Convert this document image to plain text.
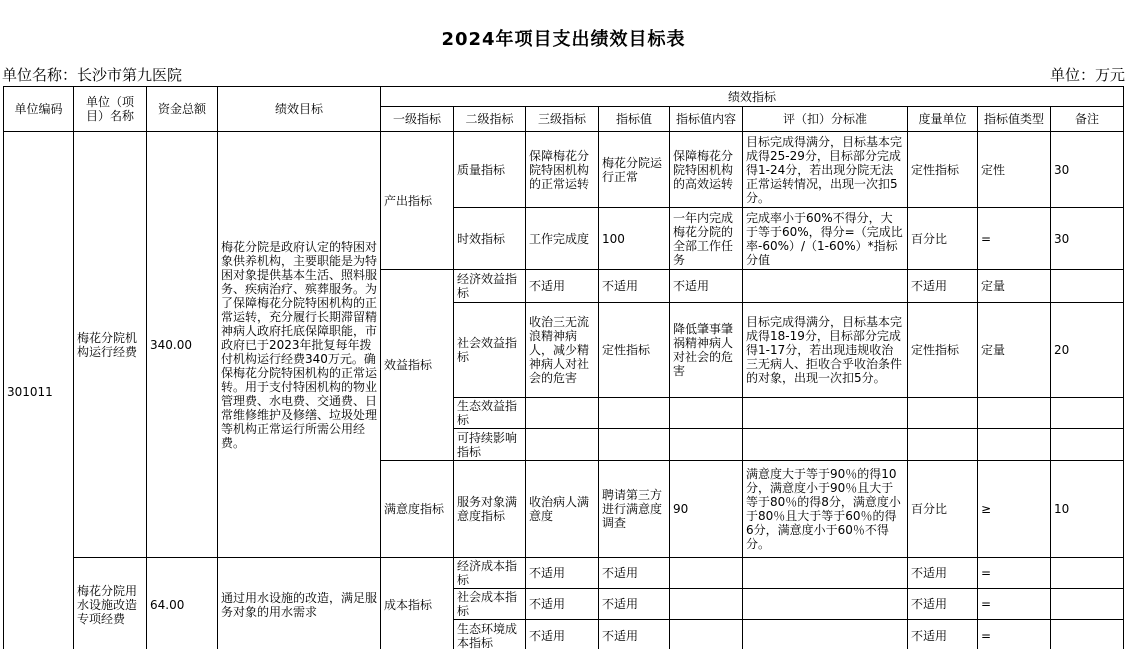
2024年项目支出绩效目标表
单位名称：长沙市第九医院	单位：万元
单位编码	单位（项目）名称	资金总额	绩效目标	绩效指标								
				一级指标	二级指标	三级指标	指标值	指标值内容	评（扣）分标准	度量单位	指标值类型	备注
301011	梅花分院机构运行经费	340.00	梅花分院是政府认定的特困对象供养机构，主要职能是为特困对象提供基本生活、照料服务、疾病治疗、殡葬服务。为了保障梅花分院特困机构的正常运转，充分履行长期滞留精神病人政府托底保障职能，市政府已于2023年批复每年拨付机构运行经费340万元。确保梅花分院特困机构的正常运转。用于支付特困机构的物业管理费、水电费、交通费、日常维修维护及修缮、垃圾处理等机构正常运行所需公用经费。	产出指标	质量指标	保障梅花分院特困机构的正常运转	梅花分院运行正常	保障梅花分院特困机构的高效运转	目标完成得满分，目标基本完成得25-29分，目标部分完成得1-24分，若出现分院无法正常运转情况，出现一次扣5分。	定性指标	定性	30
					时效指标	工作完成度	100	一年内完成梅花分院的全部工作任务	完成率小于60%不得分，大于等于60%，得分=（完成比率-60%）/（1-60%）*指标分值	百分比	=	30
				效益指标	经济效益指标	不适用	不适用	不适用		不适用	定量	
					社会效益指标	收治三无流浪精神病人，减少精神病人对社会的危害	定性指标	降低肇事肇祸精神病人对社会的危害	目标完成得满分，目标基本完成得18-19分，目标部分完成得1-17分，若出现违规收治三无病人、拒收合乎收治条件的对象，出现一次扣5分。	定性指标	定量	20
					生态效益指标							
					可持续影响指标							
				满意度指标	服务对象满意度指标	收治病人满意度	聘请第三方进行满意度调查	90	满意度大于等于90％的得10分，满意度小于90％且大于等于80％的得8分，满意度小于80％且大于等于60％的得6分，满意度小于60％不得分。	百分比	≥	10
	梅花分院用水设施改造专项经费	64.00	通过用水设施的改造，满足服务对象的用水需求	成本指标	经济成本指标	不适用	不适用			不适用	=	
					社会成本指标	不适用	不适用			不适用	=	
					生态环境成本指标	不适用	不适用			不适用	=	
